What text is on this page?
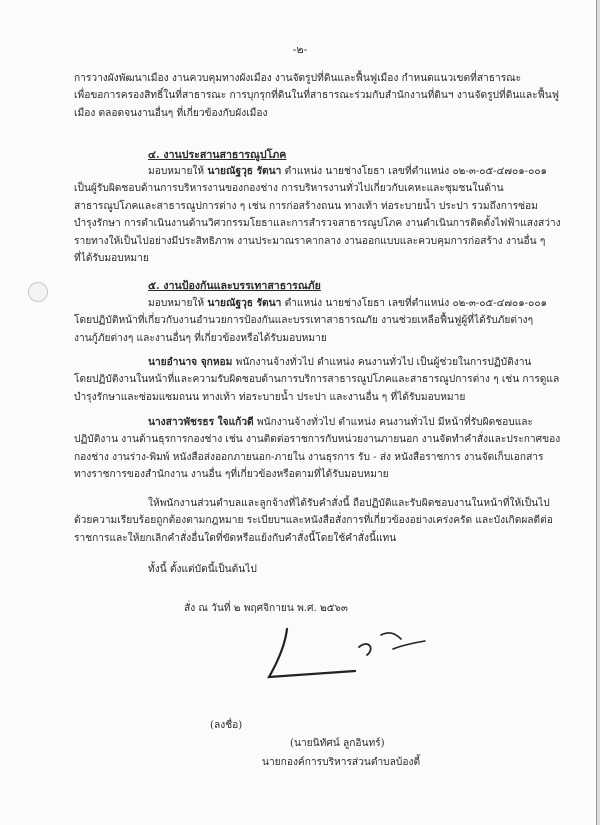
-๒-
การวางผังพัฒนาเมือง งานควบคุมทางผังเมือง งานจัดรูปที่ดินและฟื้นฟูเมือง กำหนดแนวเขตที่สาธารณะ
เพื่อขอการครองสิทธิ์ในที่สาธารณะ การบุกรุกที่ดินในที่สาธารณะร่วมกับสำนักงานที่ดินฯ งานจัดรูปที่ดินและฟื้นฟู
เมือง ตลอดจนงานอื่นๆ ที่เกี่ยวข้องกับผังเมือง
๔. งานประสานสาธารณูปโภค
มอบหมายให้ นายณัฐวุธ รัตนา ตำแหน่ง นายช่างโยธา เลขที่ตำแหน่ง ๐๒-๓-๐๕-๔๗๐๑-๐๐๑
เป็นผู้รับผิดชอบด้านการบริหารงานของกองช่าง การบริหารงานทั่วไปเกี่ยวกับเคหะและชุมชนในด้าน
สาธารณูปโภคและสาธารณูปการต่าง ๆ เช่น การก่อสร้างถนน ทางเท้า ท่อระบายน้ำ ประปา รวมถึงการซ่อม
บำรุงรักษา การดำเนินงานด้านวิศวกรรมโยธาและการสำรวจสาธารณูปโภค งานดำเนินการติดตั้งไฟฟ้าแสงสว่าง
รายทางให้เป็นไปอย่างมีประสิทธิภาพ งานประมาณราคากลาง งานออกแบบและควบคุมการก่อสร้าง งานอื่น ๆ
ที่ได้รับมอบหมาย
๕. งานป้องกันและบรรเทาสาธารณภัย
มอบหมายให้ นายณัฐวุธ รัตนา ตำแหน่ง นายช่างโยธา เลขที่ตำแหน่ง ๐๒-๓-๐๕-๔๗๐๑-๐๐๑
โดยปฏิบัติหน้าที่เกี่ยวกับงานอำนวยการป้องกันและบรรเทาสาธารณภัย งานช่วยเหลือฟื้นฟูผู้ที่ได้รับภัยต่างๆ
งานกู้ภัยต่างๆ และงานอื่นๆ ที่เกี่ยวข้องหรือได้รับมอบหมาย
นายอำนาจ จุกหอม พนักงานจ้างทั่วไป ตำแหน่ง คนงานทั่วไป เป็นผู้ช่วยในการปฏิบัติงาน
โดยปฏิบัติงานในหน้าที่และความรับผิดชอบด้านการบริการสาธารณูปโภคและสาธารณูปการต่าง ๆ เช่น การดูแล
บำรุงรักษาและซ่อมแซมถนน ทางเท้า ท่อระบายน้ำ ประปา และงานอื่น ๆ ที่ได้รับมอบหมาย
นางสาวพัชรธร ใจแก้วดี พนักงานจ้างทั่วไป ตำแหน่ง คนงานทั่วไป มีหน้าที่รับผิดชอบและ
ปฏิบัติงาน งานด้านธุรการกองช่าง เช่น งานติดต่อราชการกับหน่วยงานภายนอก งานจัดทำคำสั่งและประกาศของ
กองช่าง งานร่าง-พิมพ์ หนังสือส่งออกภายนอก-ภายใน งานธุรการ รับ - ส่ง หนังสือราชการ งานจัดเก็บเอกสาร
ทางราชการของสำนักงาน งานอื่น ๆที่เกี่ยวข้องหรือตามที่ได้รับมอบหมาย
ให้พนักงานส่วนตำบลและลูกจ้างที่ได้รับคำสั่งนี้ ถือปฏิบัติและรับผิดชอบงานในหน้าที่ให้เป็นไป
ด้วยความเรียบร้อยถูกต้องตามกฎหมาย ระเบียบฯและหนังสือสั่งการที่เกี่ยวข้องอย่างเคร่งครัด และบังเกิดผลดีต่อ
ราชการและให้ยกเลิกคำสั่งอื่นใดที่ขัดหรือแย้งกับคำสั่งนี้โดยใช้คำสั่งนี้แทน
ทั้งนี้ ตั้งแต่บัดนี้เป็นต้นไป
สั่ง ณ วันที่ ๒ พฤศจิกายน พ.ศ. ๒๕๖๓
(ลงชื่อ)
(นายนิทัศน์ ลูกอินทร์)
นายกองค์การบริหารส่วนตำบลบ้องตี้
